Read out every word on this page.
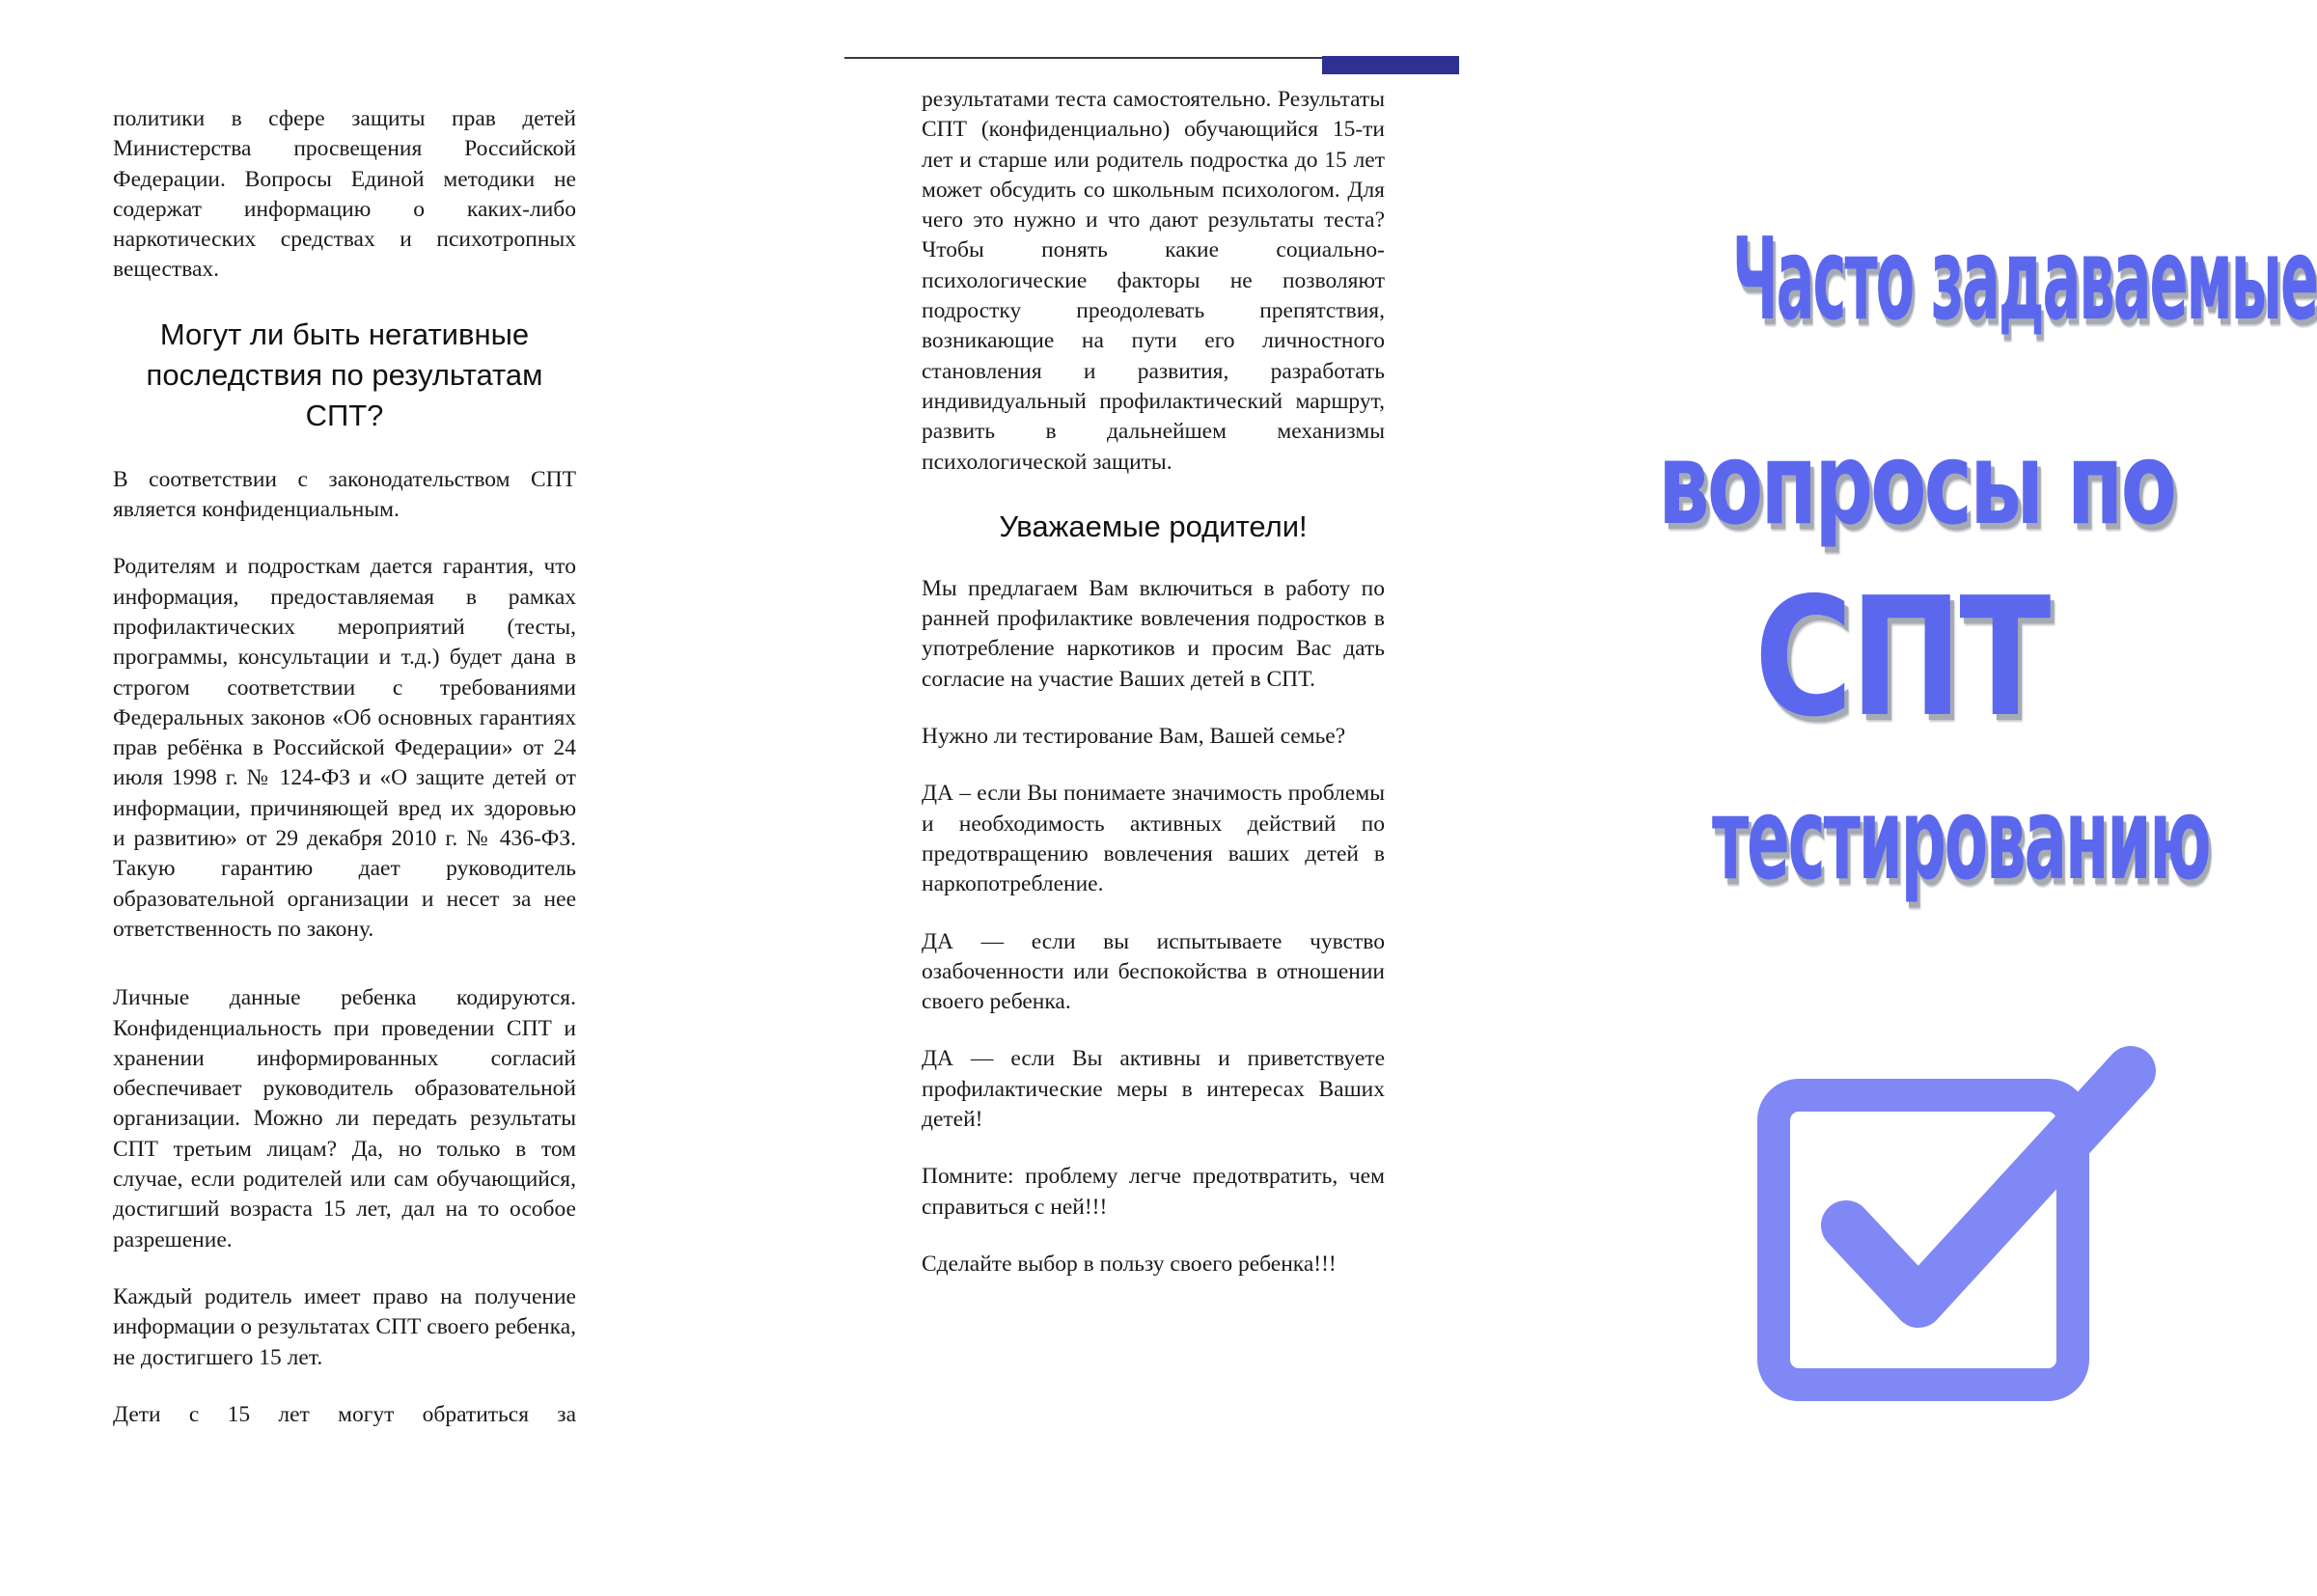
политики в сфере защиты прав детей Министерства просвещения Российской Федерации. Вопросы Единой методики не содержат информацию о каких-либо наркотических средствах и психотропных веществах.

Могут ли быть негативные последствия по результатам СПТ?

В соответствии с законодательством СПТ является конфиденциальным.

Родителям и подросткам дается гарантия, что информация, предоставляемая в рамках профилактических мероприятий (тесты, программы, консультации и т.д.) будет дана в строгом соответствии с требованиями Федеральных законов «Об основных гарантиях прав ребёнка в Российской Федерации» от 24 июля 1998 г. № 124-ФЗ и «О защите детей от информации, причиняющей вред их здоровью и развитию» от 29 декабря 2010 г. № 436-ФЗ. Такую гарантию дает руководитель образовательной организации и несет за нее ответственность по закону.

Личные данные ребенка кодируются. Конфиденциальность при проведении СПТ и хранении информированных согласий обеспечивает руководитель образовательной организации. Можно ли передать результаты СПТ третьим лицам? Да, но только в том случае, если родителей или сам обучающийся, достигший возраста 15 лет, дал на то особое разрешение.

Каждый родитель имеет право на получение информации о результатах СПТ своего ребенка, не достигшего 15 лет.

Дети с 15 лет могут обратиться за

результатами теста самостоятельно. Результаты СПТ (конфиденциально) обучающийся 15-ти лет и старше или родитель подростка до 15 лет может обсудить со школьным психологом. Для чего это нужно и что дают результаты теста? Чтобы понять какие социально-психологические факторы не позволяют подростку преодолевать препятствия, возникающие на пути его личностного становления и развития, разработать индивидуальный профилактический маршрут, развить в дальнейшем механизмы психологической защиты.

Уважаемые родители!

Мы предлагаем Вам включиться в работу по ранней профилактике вовлечения подростков в употребление наркотиков и просим Вас дать согласие на участие Ваших детей в СПТ.

Нужно ли тестирование Вам, Вашей семье?

ДА – если Вы понимаете значимость проблемы и необходимость активных действий по предотвращению вовлечения ваших детей в наркопотребление.

ДА — если вы испытываете чувство озабоченности или беспокойства в отношении своего ребенка.

ДА — если Вы активны и приветствуете профилактические меры в интересах Ваших детей!

Помните: проблему легче предотвратить, чем справиться с ней!!!

Сделайте выбор в пользу своего ребенка!!!

Часто задаваемые
вопросы по
СПТ
тестированию
